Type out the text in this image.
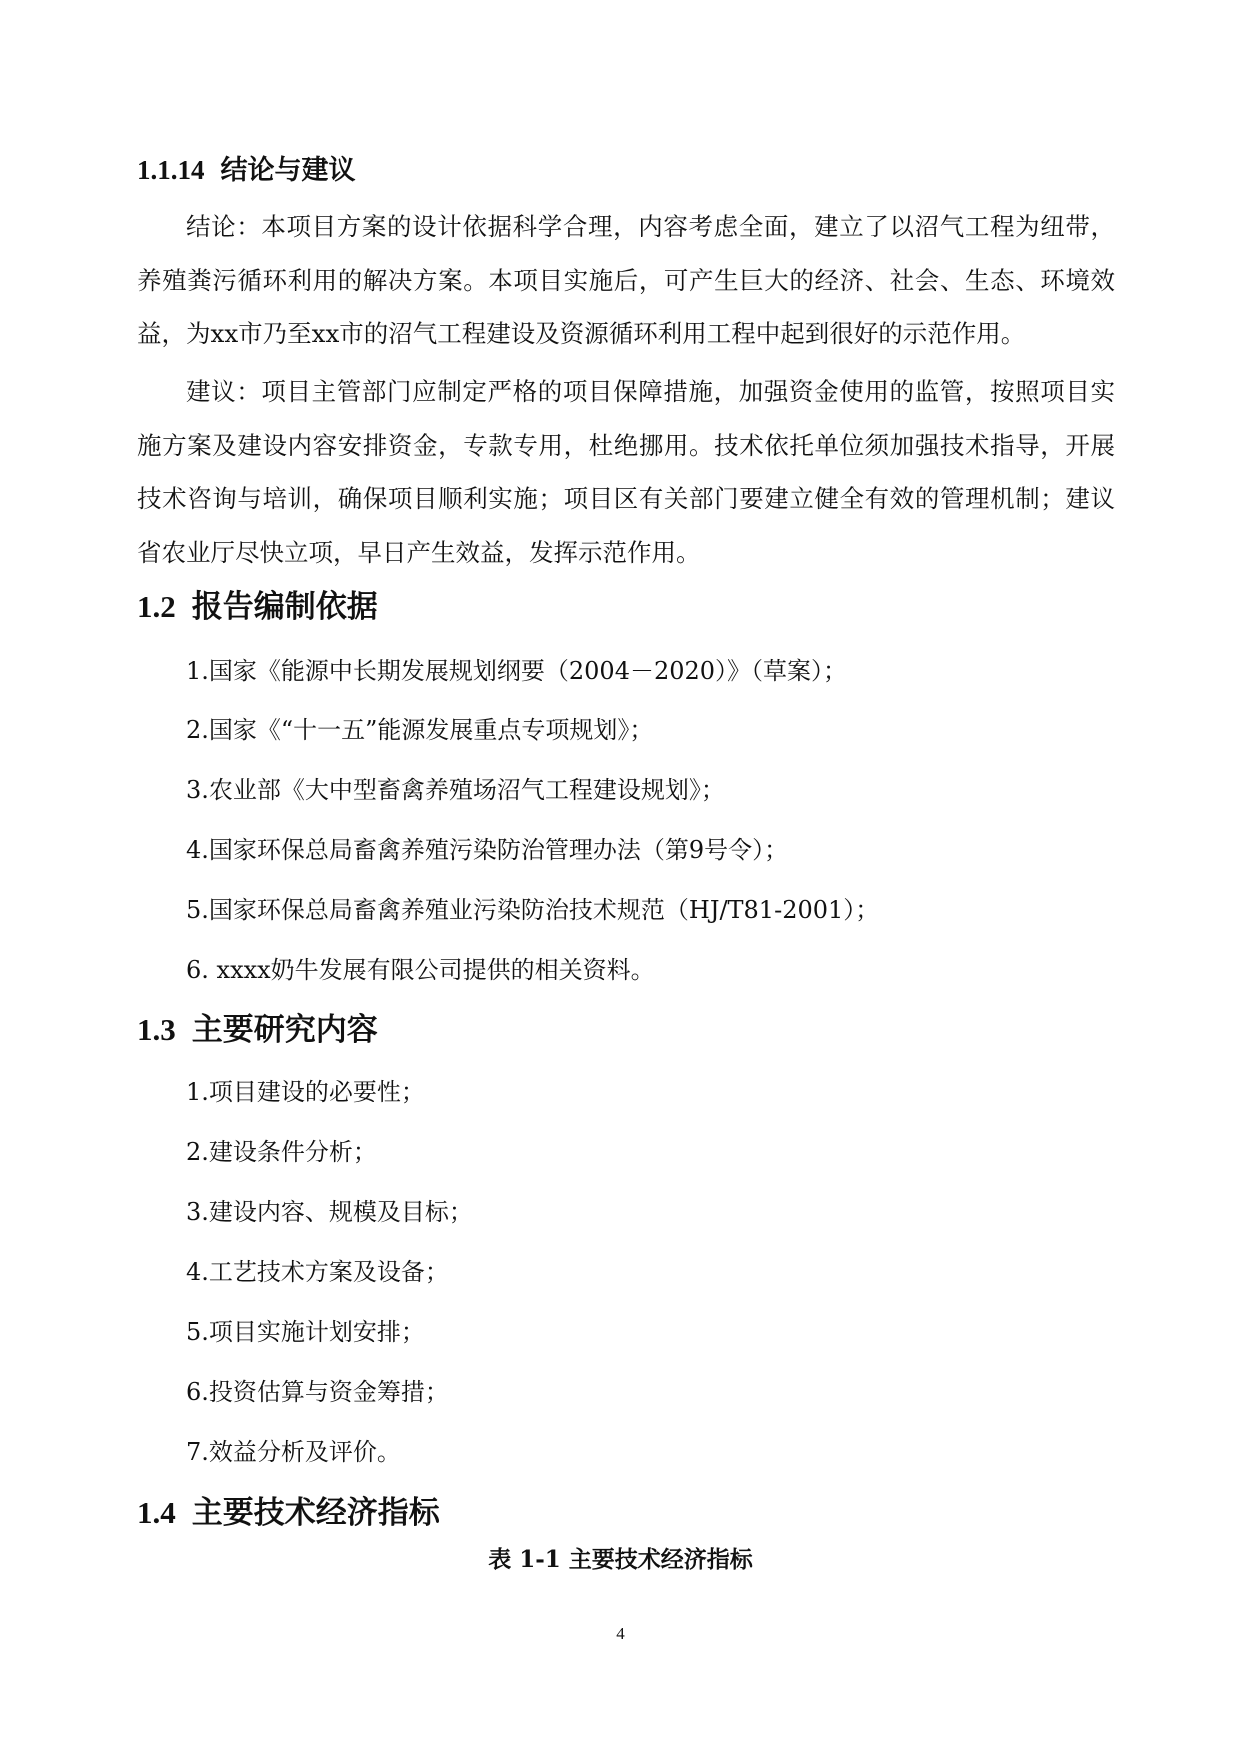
1.1.14 结论与建议

结论：本项目方案的设计依据科学合理，内容考虑全面，建立了以沼气工程为纽带，养殖粪污循环利用的解决方案。本项目实施后，可产生巨大的经济、社会、生态、环境效益，为xx市乃至xx市的沼气工程建设及资源循环利用工程中起到很好的示范作用。

建议：项目主管部门应制定严格的项目保障措施，加强资金使用的监管，按照项目实施方案及建设内容安排资金，专款专用，杜绝挪用。技术依托单位须加强技术指导，开展技术咨询与培训，确保项目顺利实施；项目区有关部门要建立健全有效的管理机制；建议省农业厅尽快立项，早日产生效益，发挥示范作用。

1.2 报告编制依据

1.国家《能源中长期发展规划纲要（2004－2020）》（草案）；

2.国家《“十一五”能源发展重点专项规划》；

3.农业部《大中型畜禽养殖场沼气工程建设规划》；

4.国家环保总局畜禽养殖污染防治管理办法（第9号令）；

5.国家环保总局畜禽养殖业污染防治技术规范（HJ/T81-2001）；

6. xxxx奶牛发展有限公司提供的相关资料。

1.3 主要研究内容

1.项目建设的必要性；

2.建设条件分析；

3.建设内容、规模及目标；

4.工艺技术方案及设备；

5.项目实施计划安排；

6.投资估算与资金筹措；

7.效益分析及评价。

1.4 主要技术经济指标

表 1-1 主要技术经济指标

4
